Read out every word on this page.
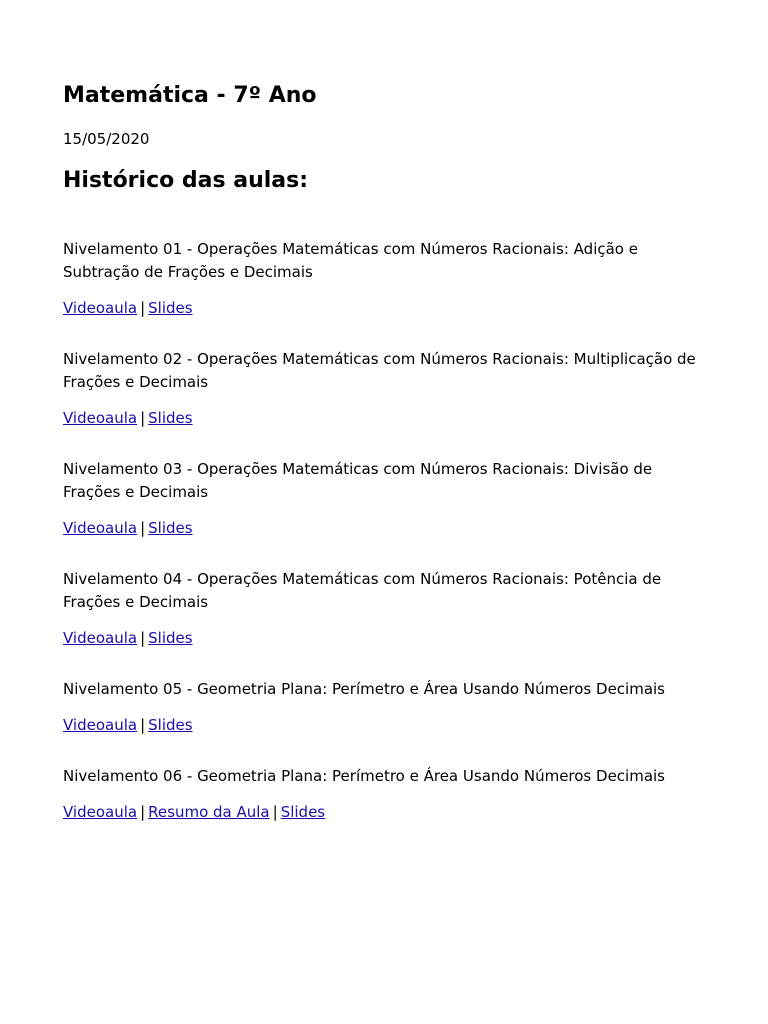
Matemática - 7º Ano

15/05/2020

Histórico das aulas:

Nivelamento 01 - Operações Matemáticas com Números Racionais: Adição e Subtração de Frações e Decimais

Videoaula | Slides

Nivelamento 02 - Operações Matemáticas com Números Racionais: Multiplicação de Frações e Decimais

Videoaula | Slides

Nivelamento 03 - Operações Matemáticas com Números Racionais: Divisão de Frações e Decimais

Videoaula | Slides

Nivelamento 04 - Operações Matemáticas com Números Racionais: Potência de Frações e Decimais

Videoaula | Slides

Nivelamento 05 - Geometria Plana: Perímetro e Área Usando Números Decimais

Videoaula | Slides

Nivelamento 06 - Geometria Plana: Perímetro e Área Usando Números Decimais

Videoaula | Resumo da Aula | Slides
